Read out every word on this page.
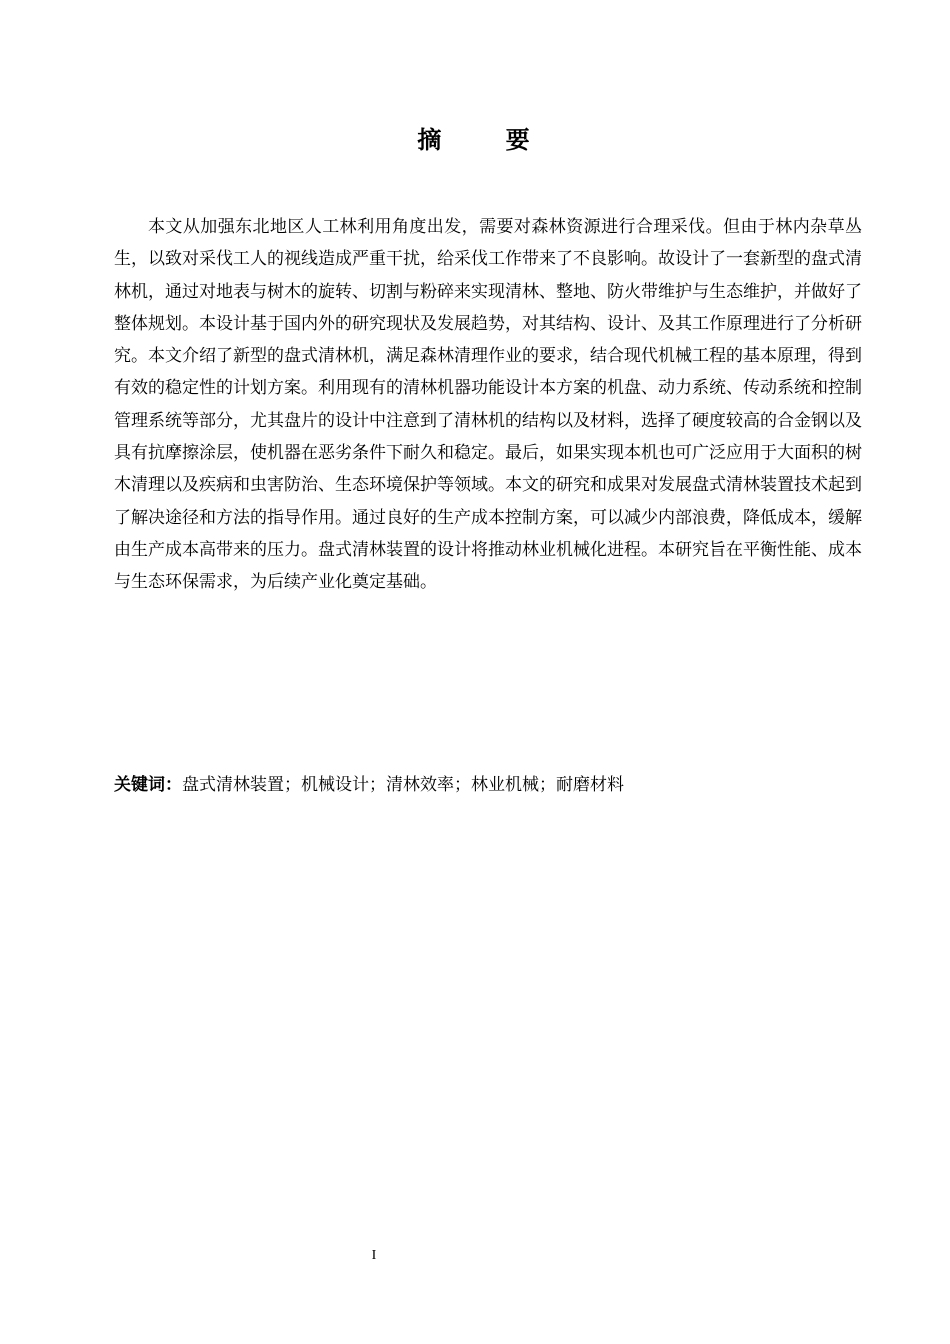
摘 要

本文从加强东北地区人工林利用角度出发，需要对森林资源进行合理采伐。但由于林内杂草丛生，以致对采伐工人的视线造成严重干扰，给采伐工作带来了不良影响。故设计了一套新型的盘式清林机，通过对地表与树木的旋转、切割与粉碎来实现清林、整地、防火带维护与生态维护，并做好了整体规划。本设计基于国内外的研究现状及发展趋势，对其结构、设计、及其工作原理进行了分析研究。本文介绍了新型的盘式清林机，满足森林清理作业的要求，结合现代机械工程的基本原理，得到有效的稳定性的计划方案。利用现有的清林机器功能设计本方案的机盘、动力系统、传动系统和控制管理系统等部分，尤其盘片的设计中注意到了清林机的结构以及材料，选择了硬度较高的合金钢以及具有抗摩擦涂层，使机器在恶劣条件下耐久和稳定。最后，如果实现本机也可广泛应用于大面积的树木清理以及疾病和虫害防治、生态环境保护等领域。本文的研究和成果对发展盘式清林装置技术起到了解决途径和方法的指导作用。通过良好的生产成本控制方案，可以减少内部浪费，降低成本，缓解由生产成本高带来的压力。盘式清林装置的设计将推动林业机械化进程。本研究旨在平衡性能、成本与生态环保需求，为后续产业化奠定基础。

关键词：盘式清林装置；机械设计；清林效率；林业机械；耐磨材料
I
